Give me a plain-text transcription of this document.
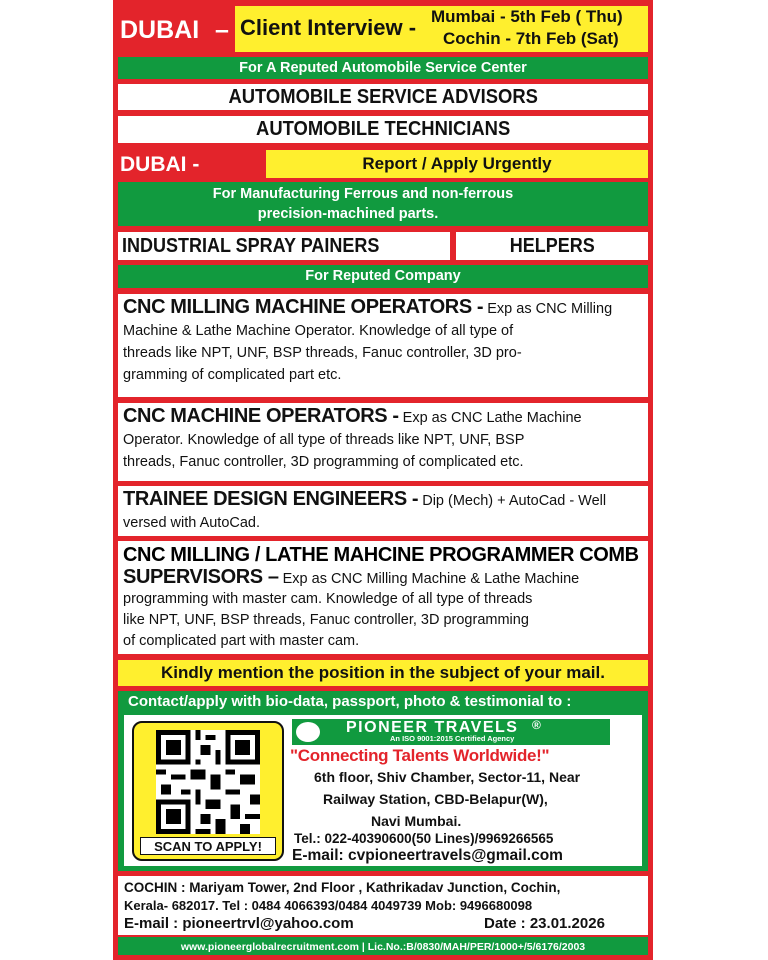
DUBAI – Client Interview - Mumbai - 5th Feb ( Thu)
Cochin - 7th Feb (Sat)
For A Reputed Automobile Service Center
AUTOMOBILE SERVICE ADVISORS
AUTOMOBILE TECHNICIANS
DUBAI -	Report / Apply Urgently
For Manufacturing Ferrous and non-ferrous
precision-machined parts.
INDUSTRIAL SPRAY PAINERS	HELPERS
For Reputed Company
CNC MILLING MACHINE OPERATORS - Exp as CNC Milling
Machine & Lathe Machine Operator. Knowledge of all type of
threads like NPT, UNF, BSP threads, Fanuc controller, 3D pro-
gramming of complicated part etc.
CNC MACHINE OPERATORS - Exp as CNC Lathe Machine
Operator. Knowledge of all type of threads like NPT, UNF, BSP
threads, Fanuc controller, 3D programming of complicated etc.
TRAINEE DESIGN ENGINEERS - Dip (Mech) + AutoCad - Well
versed with AutoCad.
CNC MILLING / LATHE MAHCINE PROGRAMMER COMB
SUPERVISORS – Exp as CNC Milling Machine & Lathe Machine
programming with master cam. Knowledge of all type of threads
like NPT, UNF, BSP threads, Fanuc controller, 3D programming
of complicated part with master cam.
Kindly mention the position in the subject of your mail.
Contact/apply with bio-data, passport, photo & testimonial to :
SCAN TO APPLY!
PIONEER TRAVELS ®
An ISO 9001:2015 Certified Agency
"Connecting Talents Worldwide!"
6th floor, Shiv Chamber, Sector-11, Near
Railway Station, CBD-Belapur(W),
Navi Mumbai.
Tel.: 022-40390600(50 Lines)/9969266565
E-mail: cvpioneertravels@gmail.com
COCHIN : Mariyam Tower, 2nd Floor , Kathrikadav Junction, Cochin,
Kerala- 682017. Tel : 0484 4066393/0484 4049739 Mob: 9496680098
E-mail : pioneertrvl@yahoo.com	Date : 23.01.2026
www.pioneerglobalrecruitment.com | Lic.No.:B/0830/MAH/PER/1000+/5/6176/2003
